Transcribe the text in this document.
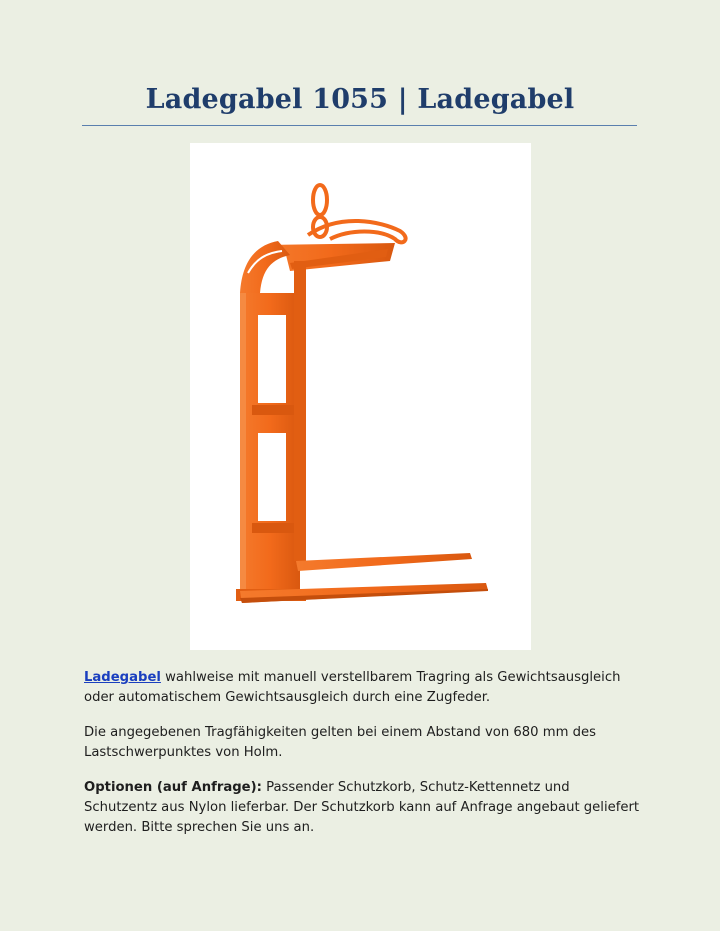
Ladegabel 1055 | Ladegabel

Ladegabel wahlweise mit manuell verstellbarem Tragring als Gewichtsausgleich oder automatischem Gewichtsausgleich durch eine Zugfeder.

Die angegebenen Tragfähigkeiten gelten bei einem Abstand von 680 mm des Lastschwerpunktes von Holm.

Optionen (auf Anfrage): Passender Schutzkorb, Schutz-Kettennetz und Schutzentz aus Nylon lieferbar. Der Schutzkorb kann auf Anfrage angebaut geliefert werden. Bitte sprechen Sie uns an.
